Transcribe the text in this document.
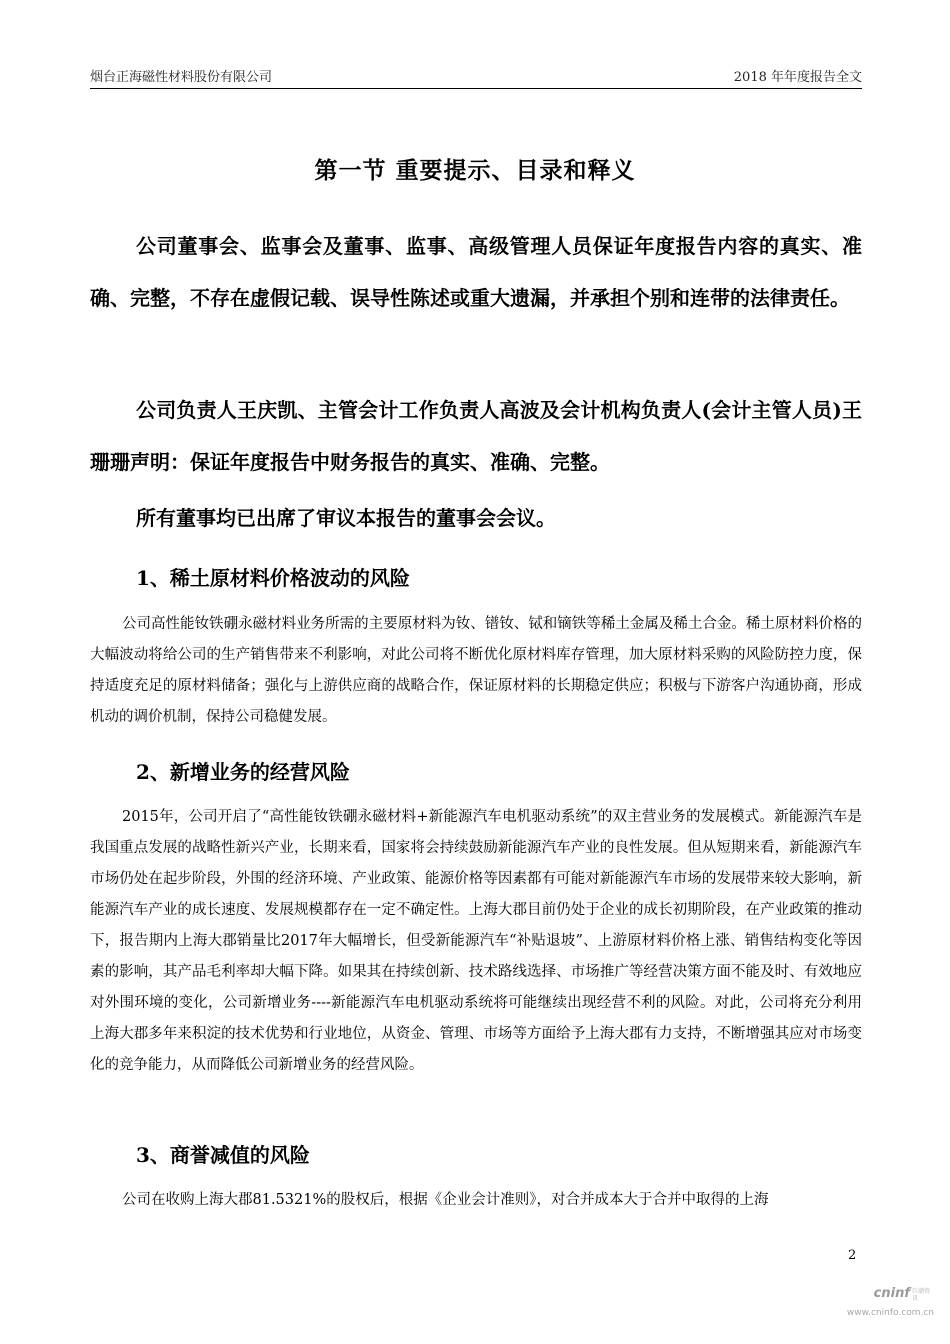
烟台正海磁性材料股份有限公司	2018 年年度报告全文
第一节 重要提示、目录和释义

公司董事会、监事会及董事、监事、高级管理人员保证年度报告内容的真实、准确、完整，不存在虚假记载、误导性陈述或重大遗漏，并承担个别和连带的法律责任。

公司负责人王庆凯、主管会计工作负责人高波及会计机构负责人(会计主管人员)王珊珊声明：保证年度报告中财务报告的真实、准确、完整。

所有董事均已出席了审议本报告的董事会会议。

1、稀土原材料价格波动的风险

公司高性能钕铁硼永磁材料业务所需的主要原材料为钕、镨钕、铽和镝铁等稀土金属及稀土合金。稀土原材料价格的大幅波动将给公司的生产销售带来不利影响，对此公司将不断优化原材料库存管理，加大原材料采购的风险防控力度，保持适度充足的原材料储备；强化与上游供应商的战略合作，保证原材料的长期稳定供应；积极与下游客户沟通协商，形成机动的调价机制，保持公司稳健发展。

2、新增业务的经营风险

2015年，公司开启了“高性能钕铁硼永磁材料+新能源汽车电机驱动系统”的双主营业务的发展模式。新能源汽车是我国重点发展的战略性新兴产业，长期来看，国家将会持续鼓励新能源汽车产业的良性发展。但从短期来看，新能源汽车市场仍处在起步阶段，外围的经济环境、产业政策、能源价格等因素都有可能对新能源汽车市场的发展带来较大影响，新能源汽车产业的成长速度、发展规模都存在一定不确定性。上海大郡目前仍处于企业的成长初期阶段，在产业政策的推动下，报告期内上海大郡销量比2017年大幅增长，但受新能源汽车“补贴退坡”、上游原材料价格上涨、销售结构变化等因素的影响，其产品毛利率却大幅下降。如果其在持续创新、技术路线选择、市场推广等经营决策方面不能及时、有效地应对外围环境的变化，公司新增业务----新能源汽车电机驱动系统将可能继续出现经营不利的风险。对此，公司将充分利用上海大郡多年来积淀的技术优势和行业地位，从资金、管理、市场等方面给予上海大郡有力支持，不断增强其应对市场变化的竞争能力，从而降低公司新增业务的经营风险。

3、商誉减值的风险

公司在收购上海大郡81.5321%的股权后，根据《企业会计准则》，对合并成本大于合并中取得的上海

2
cninf 巨潮资讯
www.cninfo.com.cn
